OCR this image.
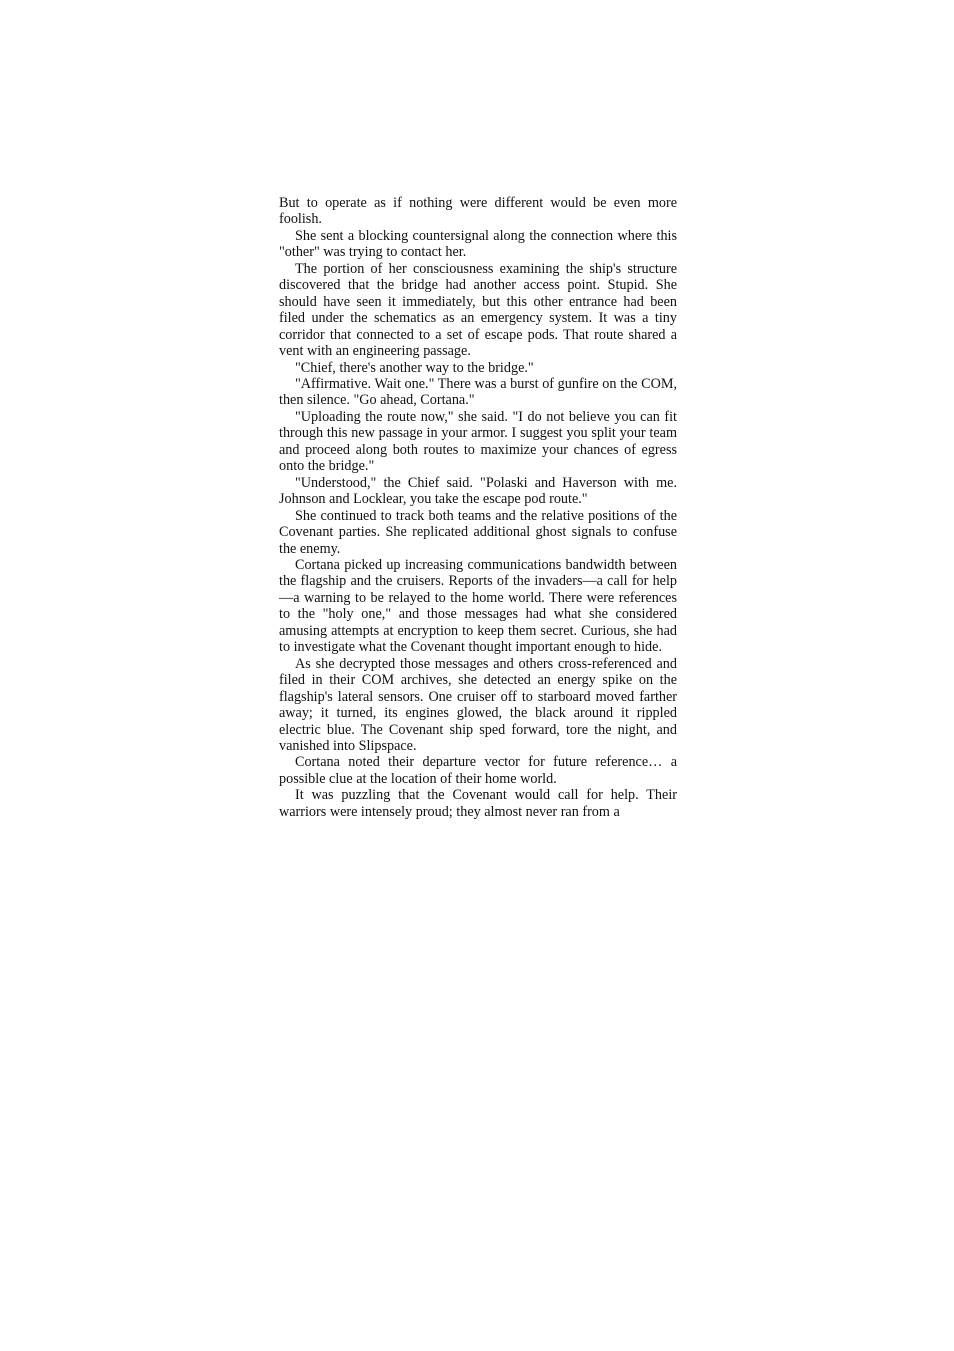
But to operate as if nothing were different would be even more foolish.

She sent a blocking countersignal along the connection where this "other" was trying to contact her.

The portion of her consciousness examining the ship's structure discovered that the bridge had another access point. Stupid. She should have seen it immediately, but this other entrance had been filed under the schematics as an emergency system. It was a tiny corridor that connected to a set of escape pods. That route shared a vent with an engineering passage.

"Chief, there's another way to the bridge."

"Affirmative. Wait one." There was a burst of gunfire on the COM, then silence. "Go ahead, Cortana."

"Uploading the route now," she said. "I do not believe you can fit through this new passage in your armor. I suggest you split your team and proceed along both routes to maximize your chances of egress onto the bridge."

"Understood," the Chief said. "Polaski and Haverson with me. Johnson and Locklear, you take the escape pod route."

She continued to track both teams and the relative positions of the Covenant parties. She replicated additional ghost signals to confuse the enemy.

Cortana picked up increasing communications bandwidth between the flagship and the cruisers. Reports of the invaders—a call for help—a warning to be relayed to the home world. There were references to the "holy one," and those messages had what she considered amusing attempts at encryption to keep them secret. Curious, she had to investigate what the Covenant thought important enough to hide.

As she decrypted those messages and others cross-referenced and filed in their COM archives, she detected an energy spike on the flagship's lateral sensors. One cruiser off to starboard moved farther away; it turned, its engines glowed, the black around it rippled electric blue. The Covenant ship sped forward, tore the night, and vanished into Slipspace.

Cortana noted their departure vector for future reference… a possible clue at the location of their home world.

It was puzzling that the Covenant would call for help. Their warriors were intensely proud; they almost never ran from a
